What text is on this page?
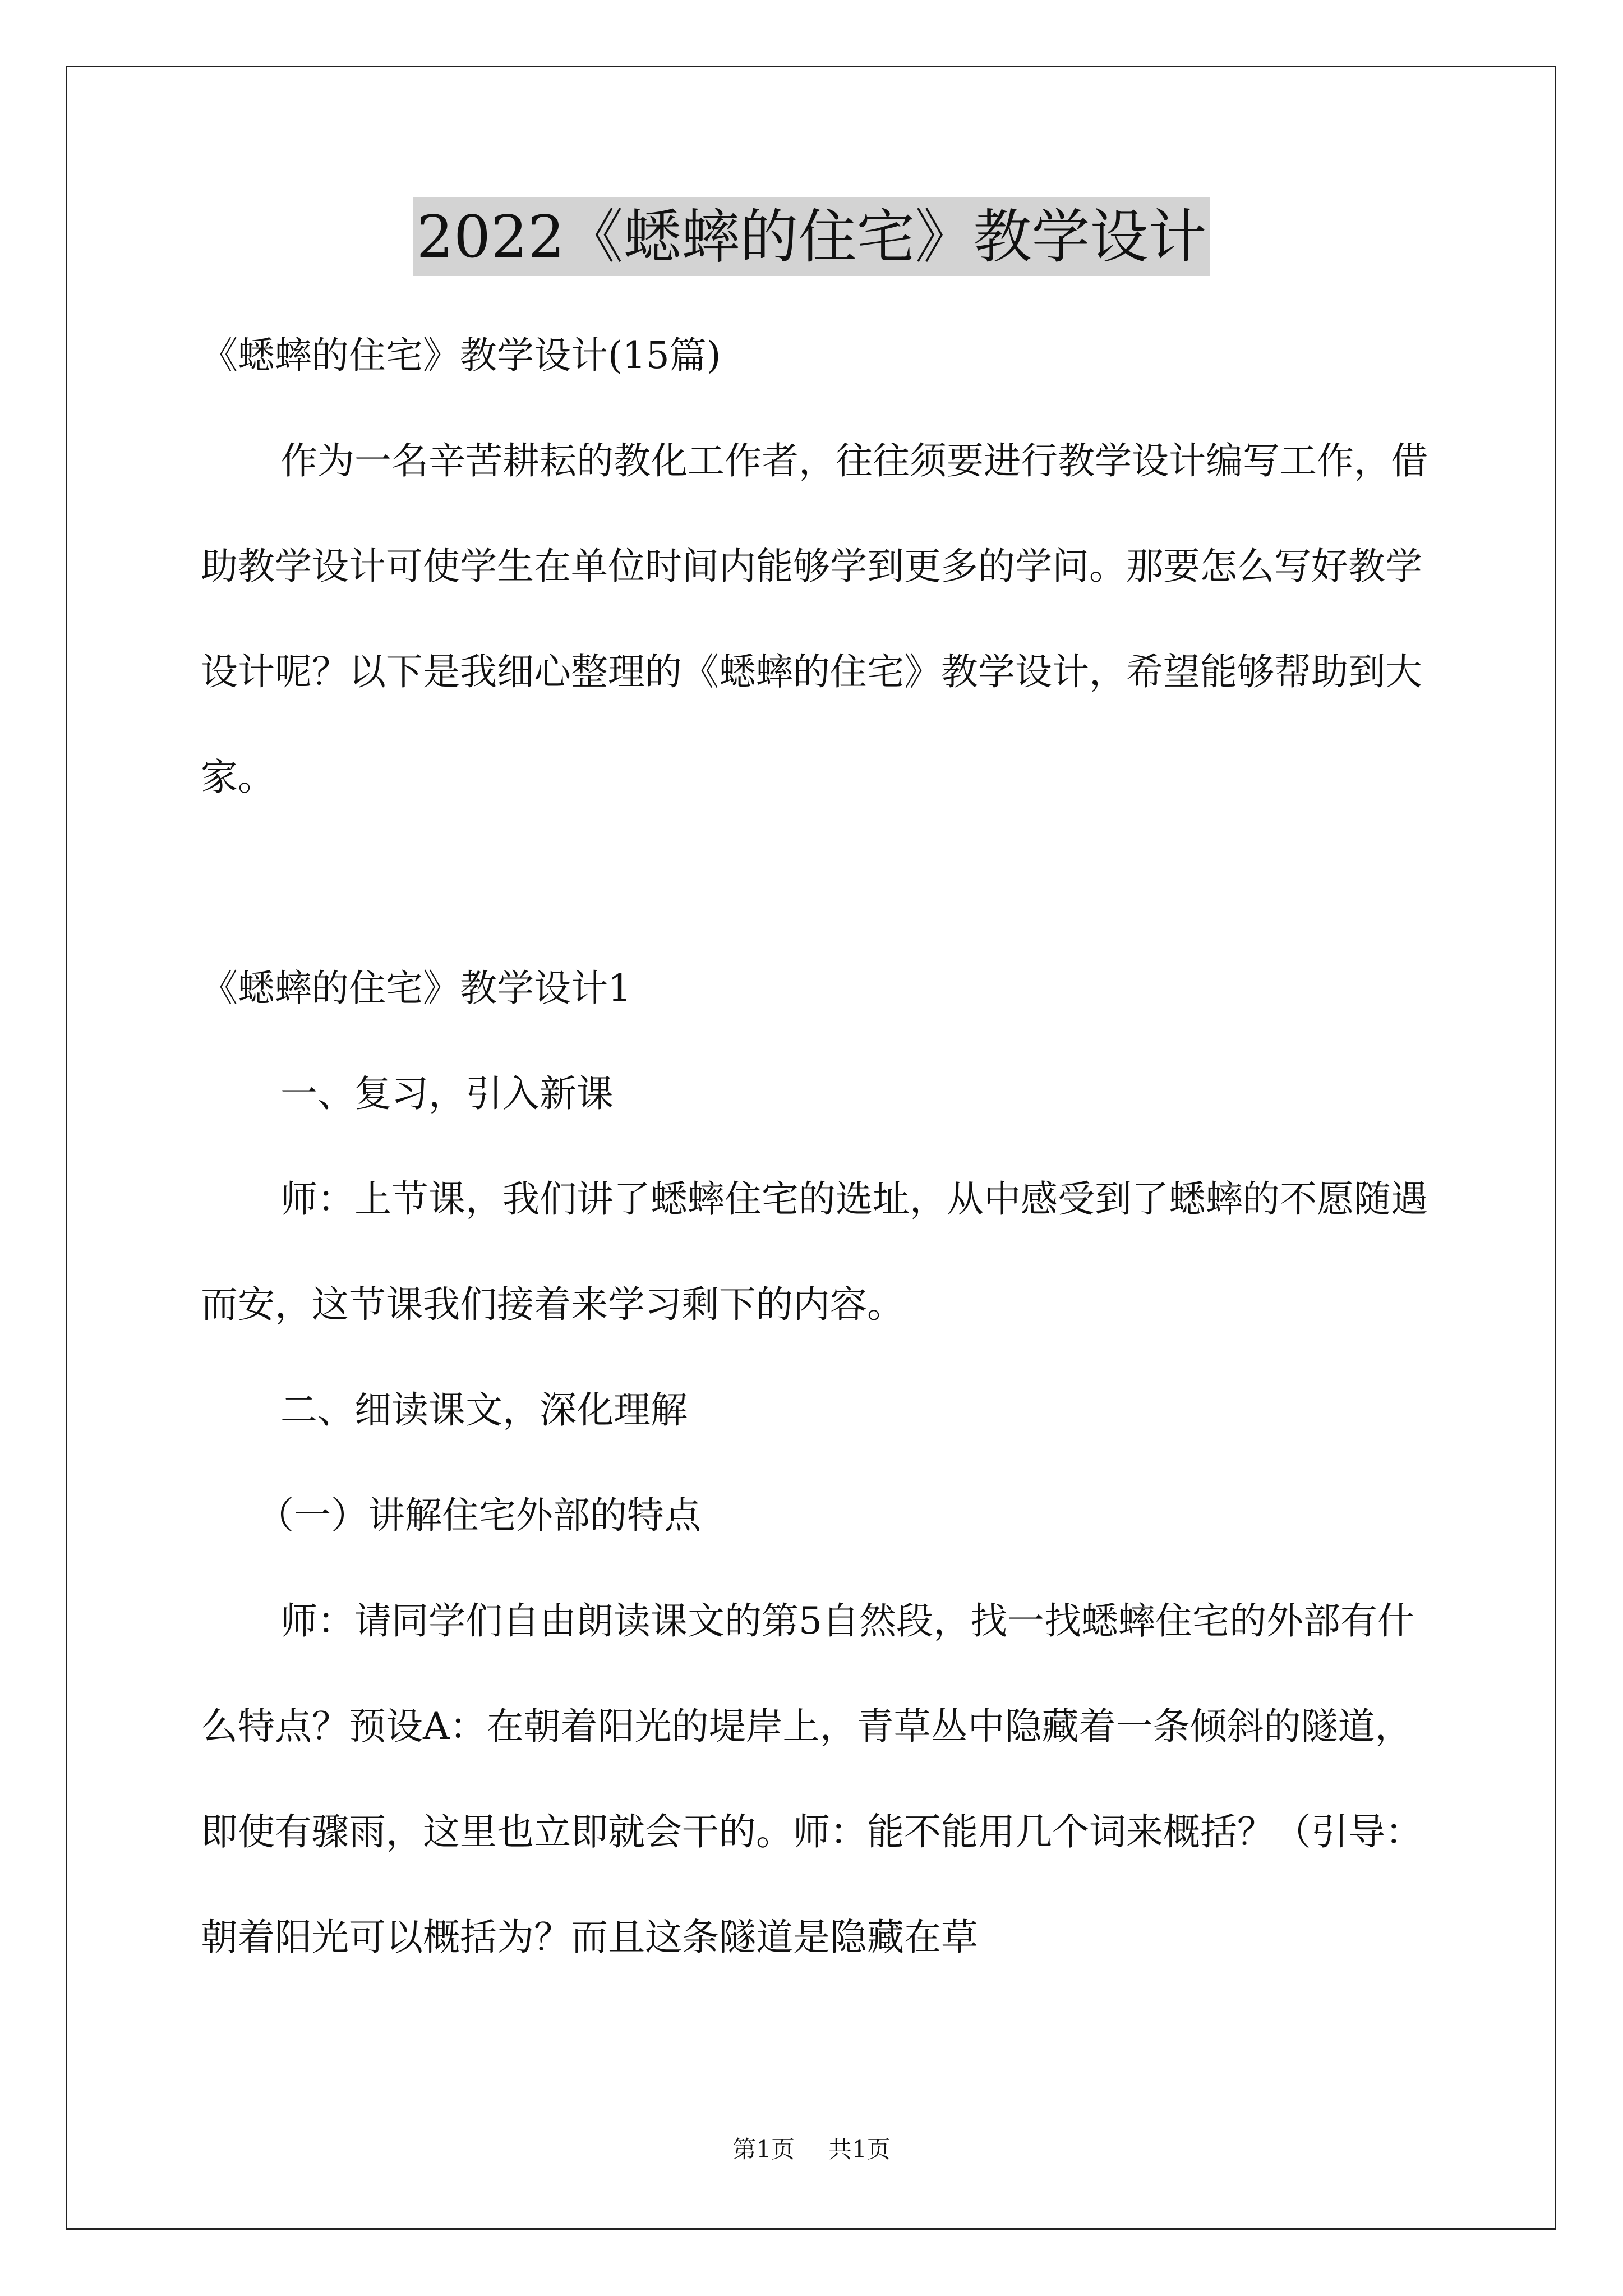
2022《蟋蟀的住宅》教学设计

《蟋蟀的住宅》教学设计(15篇)

作为一名辛苦耕耘的教化工作者，往往须要进行教学设计编写工作，借助教学设计可使学生在单位时间内能够学到更多的学问。那要怎么写好教学设计呢？以下是我细心整理的《蟋蟀的住宅》教学设计，希望能够帮助到大家。

《蟋蟀的住宅》教学设计1

一、复习，引入新课

师：上节课，我们讲了蟋蟀住宅的选址，从中感受到了蟋蟀的不愿随遇而安，这节课我们接着来学习剩下的内容。

二、细读课文，深化理解

（一）讲解住宅外部的特点

师：请同学们自由朗读课文的第5自然段，找一找蟋蟀住宅的外部有什么特点？预设A：在朝着阳光的堤岸上，青草丛中隐藏着一条倾斜的隧道，即使有骤雨，这里也立即就会干的。师：能不能用几个词来概括？（引导：朝着阳光可以概括为？而且这条隧道是隐藏在草

第1页 共1页
